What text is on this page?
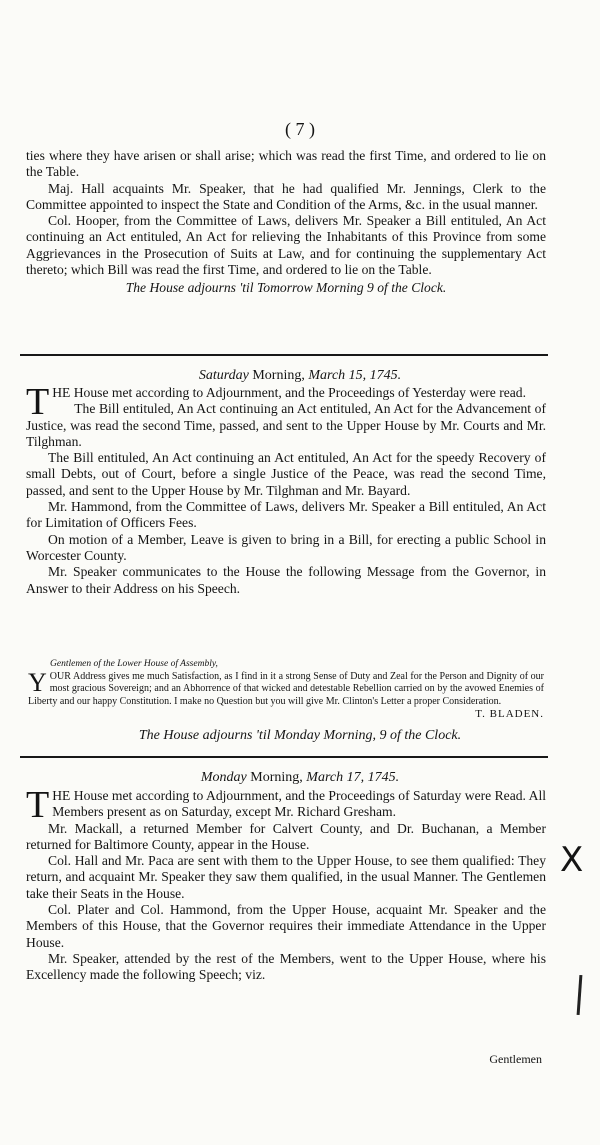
( 7 )

ties where they have arisen or shall arise; which was read the first Time, and ordered to lie on the Table.

Maj. Hall acquaints Mr. Speaker, that he had qualified Mr. Jennings, Clerk to the Committee appointed to inspect the State and Condition of the Arms, &c. in the usual manner.

Col. Hooper, from the Committee of Laws, delivers Mr. Speaker a Bill entituled, An Act continuing an Act entituled, An Act for relieving the Inhabitants of this Province from some Aggrievances in the Prosecution of Suits at Law, and for continuing the supplementary Act thereto; which Bill was read the first Time, and ordered to lie on the Table.

The House adjourns 'til Tomorrow Morning 9 of the Clock.

Saturday Morning, March 15, 1745.

THE House met according to Adjournment, and the Proceedings of Yesterday were read.

The Bill entituled, An Act continuing an Act entituled, An Act for the Advancement of Justice, was read the second Time, passed, and sent to the Upper House by Mr. Courts and Mr. Tilghman.

The Bill entituled, An Act continuing an Act entituled, An Act for the speedy Recovery of small Debts, out of Court, before a single Justice of the Peace, was read the second Time, passed, and sent to the Upper House by Mr. Tilghman and Mr. Bayard.

Mr. Hammond, from the Committee of Laws, delivers Mr. Speaker a Bill entituled, An Act for Limitation of Officers Fees.

On motion of a Member, Leave is given to bring in a Bill, for erecting a public School in Worcester County.

Mr. Speaker communicates to the House the following Message from the Governor, in Answer to their Address on his Speech.

Gentlemen of the Lower House of Assembly,
Y OUR Address gives me much Satisfaction, as I find in it a strong Sense of Duty and Zeal for the Person and Dignity of our most gracious Sovereign; and an Abhorrence of that wicked and detestable Rebellion carried on by the avowed Enemies of Liberty and our happy Constitution. I make no Question but you will give Mr. Clinton's Letter a proper Consideration.
T. BLADEN.
The House adjourns 'til Monday Morning, 9 of the Clock.
Monday Morning, March 17, 1745.

THE House met according to Adjournment, and the Proceedings of Saturday were Read. All Members present as on Saturday, except Mr. Richard Gresham.

Mr. Mackall, a returned Member for Calvert County, and Dr. Buchanan, a Member returned for Baltimore County, appear in the House.

Col. Hall and Mr. Paca are sent with them to the Upper House, to see them qualified: They return, and acquaint Mr. Speaker they saw them qualified, in the usual Manner. The Gentlemen take their Seats in the House.

Col. Plater and Col. Hammond, from the Upper House, acquaint Mr. Speaker and the Members of this House, that the Governor requires their immediate Attendance in the Upper House.

Mr. Speaker, attended by the rest of the Members, went to the Upper House, where his Excellency made the following Speech; viz.

Gentlemen
X
